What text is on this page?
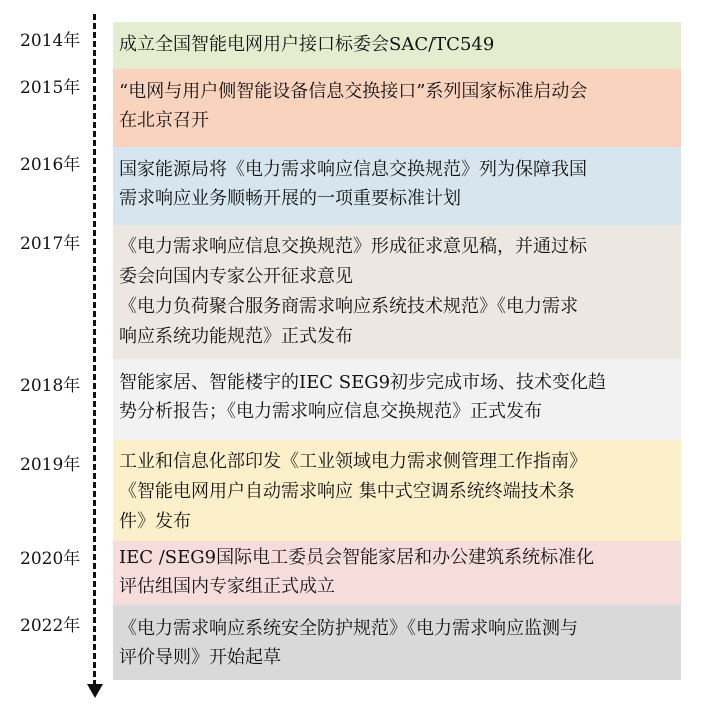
2014年 成立全国智能电网用户接口标委会SAC/TC549
2015年 “电网与用户侧智能设备信息交换接口”系列国家标准启动会
在北京召开
2016年 国家能源局将《电力需求响应信息交换规范》列为保障我国
需求响应业务顺畅开展的一项重要标准计划
2017年 《电力需求响应信息交换规范》形成征求意见稿，并通过标
委会向国内专家公开征求意见
《电力负荷聚合服务商需求响应系统技术规范》《电力需求
响应系统功能规范》正式发布
2018年 智能家居、智能楼宇的IEC SEG9初步完成市场、技术变化趋
势分析报告；《电力需求响应信息交换规范》正式发布
2019年 工业和信息化部印发《工业领域电力需求侧管理工作指南》
《智能电网用户自动需求响应 集中式空调系统终端技术条
件》发布
2020年 IEC /SEG9国际电工委员会智能家居和办公建筑系统标准化
评估组国内专家组正式成立
2022年 《电力需求响应系统安全防护规范》《电力需求响应监测与
评价导则》开始起草
